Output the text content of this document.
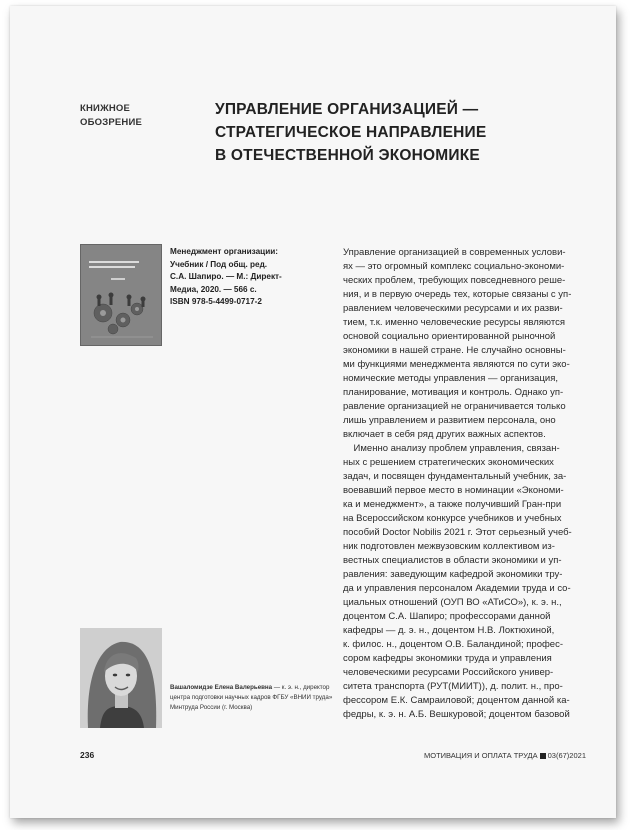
КНИЖНОЕ
ОБОЗРЕНИЕ
УПРАВЛЕНИЕ ОРГАНИЗАЦИЕЙ —
СТРАТЕГИЧЕСКОЕ НАПРАВЛЕНИЕ
В ОТЕЧЕСТВЕННОЙ ЭКОНОМИКЕ
Менеджмент организации:
Учебник / Под общ. ред.
С.А. Шапиро. — М.: Директ-
Медиа, 2020. — 566 с.
ISBN 978-5-4499-0717-2
Управление организацией в современных услови-
ях — это огромный комплекс социально-экономи-
ческих проблем, требующих повседневного реше-
ния, и в первую очередь тех, которые связаны с уп-
равлением человеческими ресурсами и их разви-
тием, т.к. именно человеческие ресурсы являются
основой социально ориентированной рыночной
экономики в нашей стране. Не случайно основны-
ми функциями менеджмента являются по сути эко-
номические методы управления — организация,
планирование, мотивация и контроль. Однако уп-
равление организацией не ограничивается только
лишь управлением и развитием персонала, оно
включает в себя ряд других важных аспектов.
Именно анализу проблем управления, связан-
ных с решением стратегических экономических
задач, и посвящен фундаментальный учебник, за-
воевавший первое место в номинации «Экономи-
ка и менеджмент», а также получивший Гран-при
на Всероссийском конкурсе учебников и учебных
пособий Doctor Nobilis 2021 г. Этот серьезный учеб-
ник подготовлен межвузовским коллективом из-
вестных специалистов в области экономики и уп-
равления: заведующим кафедрой экономики тру-
да и управления персоналом Академии труда и со-
циальных отношений (ОУП ВО «АТиСО»), к. э. н.,
доцентом С.А. Шапиро; профессорами данной
кафедры — д. э. н., доцентом Н.В. Локтюхиной,
к. филос. н., доцентом О.В. Баландиной; профес-
сором кафедры экономики труда и управления
человеческими ресурсами Российского универ-
ситета транспорта (РУТ(МИИТ)), д. полит. н., про-
фессором Е.К. Самраиловой; доцентом данной ка-
федры, к. э. н. А.Б. Вешкуровой; доцентом базовой
Вашаломидзе Елена Валерьевна — к. э. н., директор
центра подготовки научных кадров ФГБУ «ВНИИ труда»
Минтруда России (г. Москва)
236	МОТИВАЦИЯ И ОПЛАТА ТРУДА 03(67)2021
